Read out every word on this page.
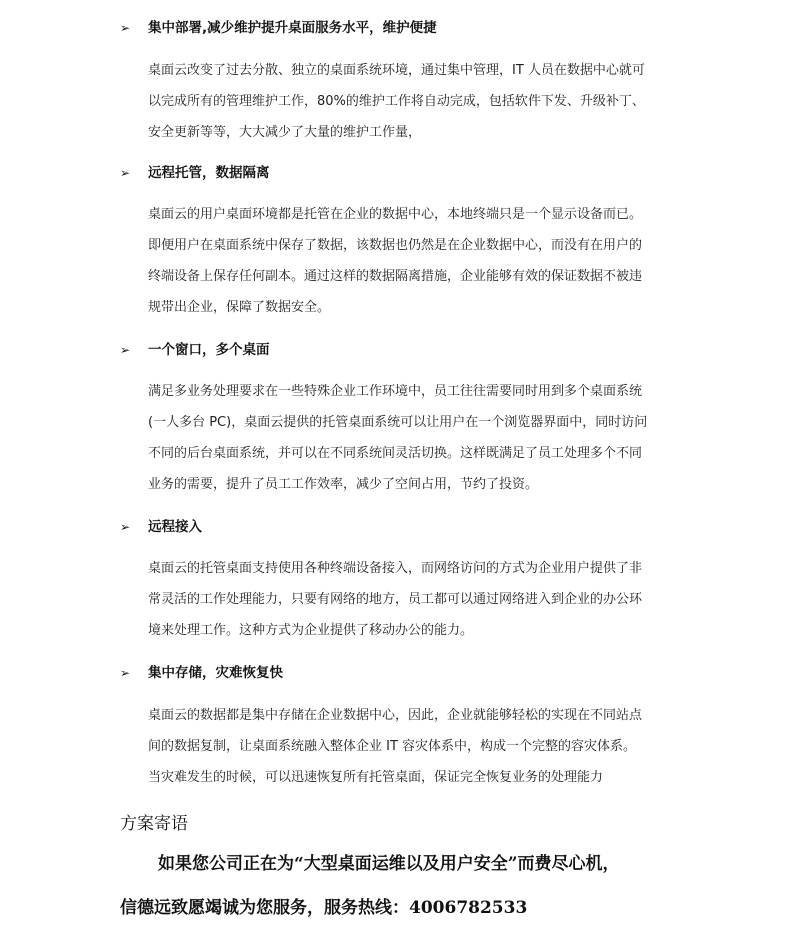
➢ 集中部署,减少维护提升桌面服务水平，维护便捷
桌面云改变了过去分散、独立的桌面系统环境，通过集中管理，IT 人员在数据中心就可
以完成所有的管理维护工作，80%的维护工作将自动完成，包括软件下发、升级补丁、
安全更新等等，大大减少了大量的维护工作量，
➢ 远程托管，数据隔离
桌面云的用户桌面环境都是托管在企业的数据中心，本地终端只是一个显示设备而已。
即便用户在桌面系统中保存了数据，该数据也仍然是在企业数据中心，而没有在用户的
终端设备上保存任何副本。通过这样的数据隔离措施，企业能够有效的保证数据不被违
规带出企业，保障了数据安全。
➢ 一个窗口，多个桌面
满足多业务处理要求在一些特殊企业工作环境中，员工往往需要同时用到多个桌面系统
(一人多台 PC)，桌面云提供的托管桌面系统可以让用户在一个浏览器界面中，同时访问
不同的后台桌面系统，并可以在不同系统间灵活切换。这样既满足了员工处理多个不同
业务的需要，提升了员工工作效率，减少了空间占用，节约了投资。
➢ 远程接入
桌面云的托管桌面支持使用各种终端设备接入，而网络访问的方式为企业用户提供了非
常灵活的工作处理能力，只要有网络的地方，员工都可以通过网络进入到企业的办公环
境来处理工作。这种方式为企业提供了移动办公的能力。
➢ 集中存储，灾难恢复快
桌面云的数据都是集中存储在企业数据中心，因此，企业就能够轻松的实现在不同站点
间的数据复制，让桌面系统融入整体企业 IT 容灾体系中，构成一个完整的容灾体系。
当灾难发生的时候，可以迅速恢复所有托管桌面，保证完全恢复业务的处理能力
方案寄语
如果您公司正在为“大型桌面运维以及用户安全”而费尽心机，
信德远致愿竭诚为您服务，服务热线：4006782533
